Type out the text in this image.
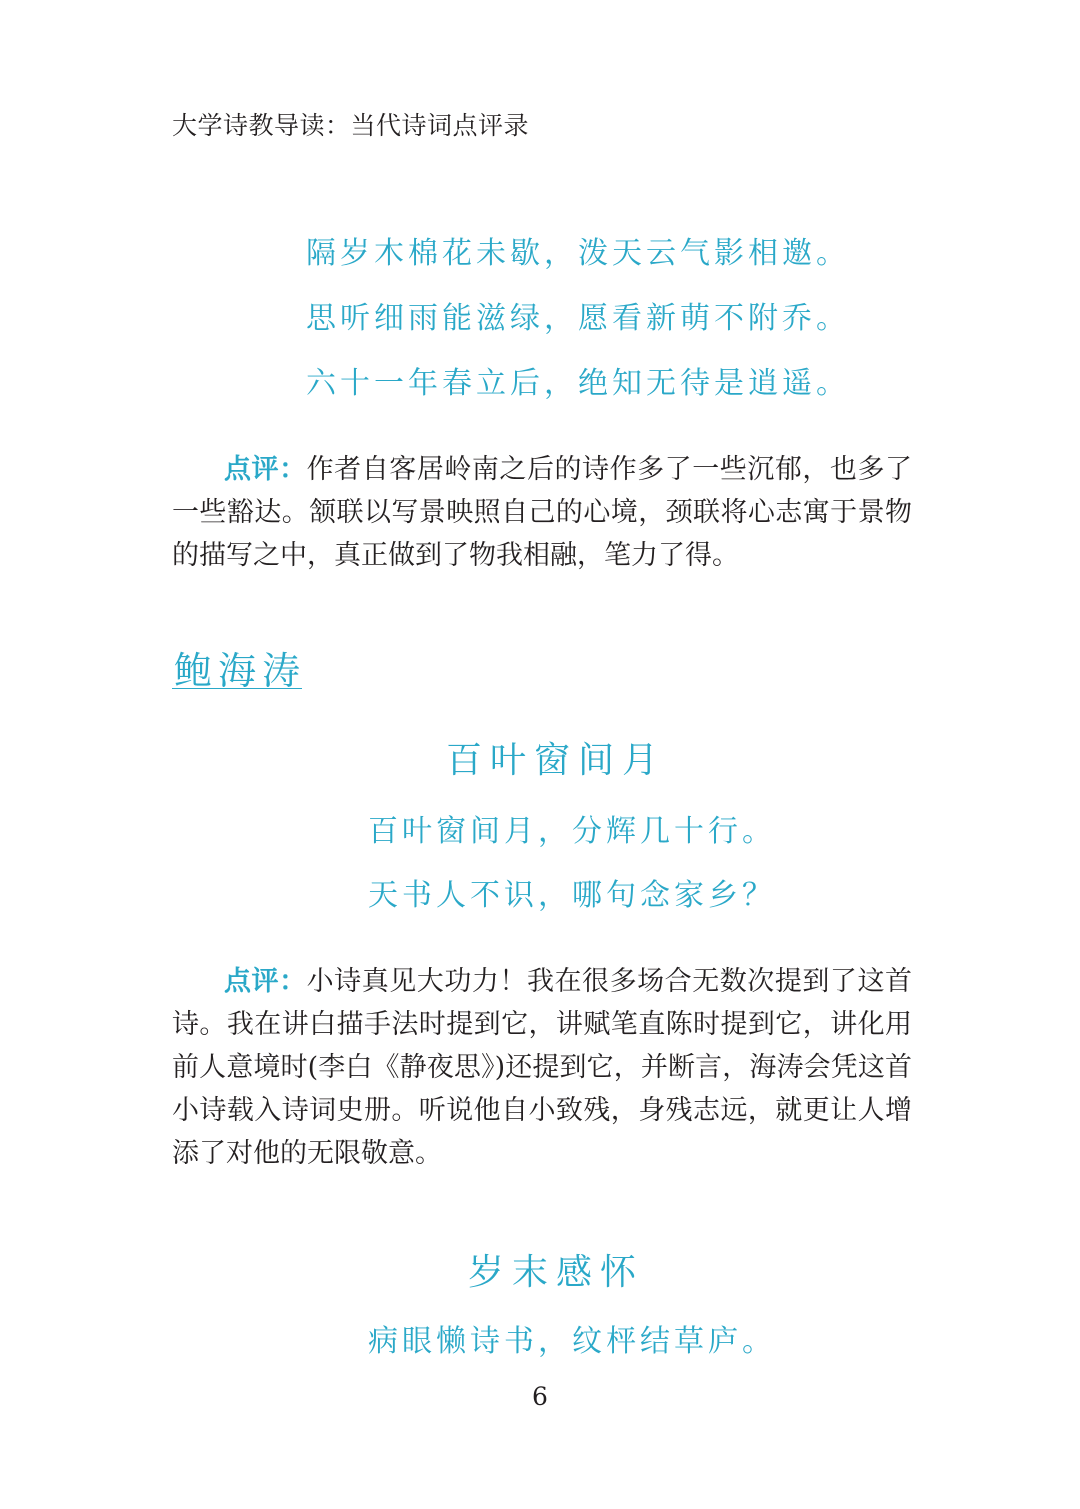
大学诗教导读：当代诗词点评录
隔岁木棉花未歇，泼天云气影相邀。
思听细雨能滋绿，愿看新萌不附乔。
六十一年春立后，绝知无待是逍遥。
点评：作者自客居岭南之后的诗作多了一些沉郁，也多了一些豁达。颔联以写景映照自己的心境，颈联将心志寓于景物的描写之中，真正做到了物我相融，笔力了得。
鲍海涛
百叶窗间月
百叶窗间月，分辉几十行。
天书人不识，哪句念家乡？
点评：小诗真见大功力！我在很多场合无数次提到了这首诗。我在讲白描手法时提到它，讲赋笔直陈时提到它，讲化用前人意境时(李白《静夜思》)还提到它，并断言，海涛会凭这首小诗载入诗词史册。听说他自小致残，身残志远，就更让人增添了对他的无限敬意。
岁末感怀
病眼懒诗书，纹枰结草庐。
6
